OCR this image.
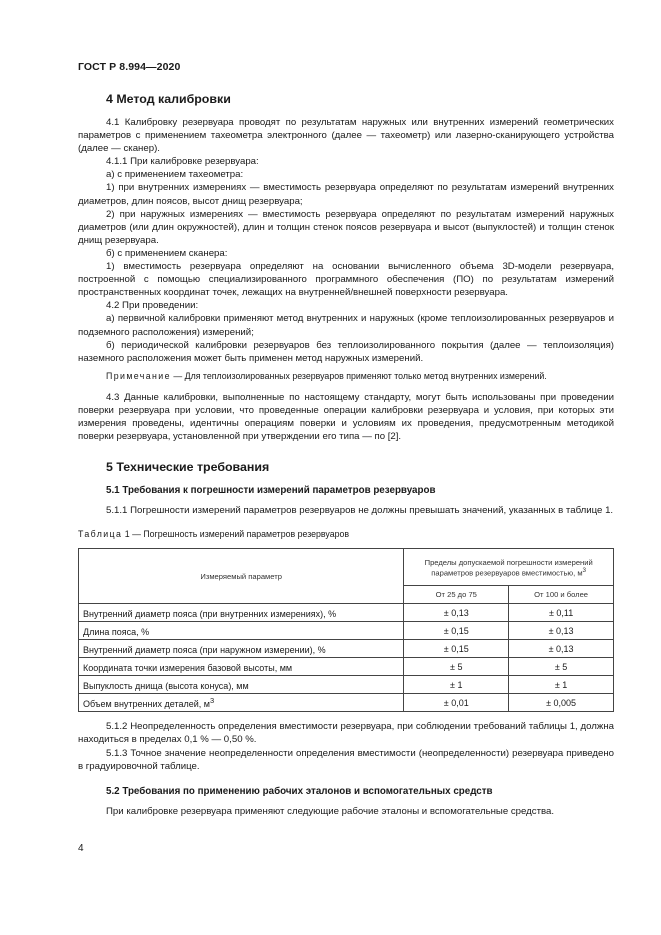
ГОСТ Р 8.994—2020
4 Метод калибровки

4.1 Калибровку резервуара проводят по результатам наружных или внутренних измерений геометрических параметров с применением тахеометра электронного (далее — тахеометр) или лазерно-сканирующего устройства (далее — сканер).

4.1.1 При калибровке резервуара:

а) с применением тахеометра:

1) при внутренних измерениях — вместимость резервуара определяют по результатам измерений внутренних диаметров, длин поясов, высот днищ резервуара;

2) при наружных измерениях — вместимость резервуара определяют по результатам измерений наружных диаметров (или длин окружностей), длин и толщин стенок поясов резервуара и высот (выпуклостей) и толщин стенок днищ резервуара.

б) с применением сканера:

1) вместимость резервуара определяют на основании вычисленного объема 3D-модели резервуара, построенной с помощью специализированного программного обеспечения (ПО) по результатам измерений пространственных координат точек, лежащих на внутренней/внешней поверхности резервуара.

4.2 При проведении:

а) первичной калибровки применяют метод внутренних и наружных (кроме теплоизолированных резервуаров и подземного расположения) измерений;

б) периодической калибровки резервуаров без теплоизолированного покрытия (далее — теплоизоляция) наземного расположения может быть применен метод наружных измерений.

Примечание — Для теплоизолированных резервуаров применяют только метод внутренних измерений.

4.3 Данные калибровки, выполненные по настоящему стандарту, могут быть использованы при проведении поверки резервуара при условии, что проведенные операции калибровки резервуара и условия, при которых эти измерения проведены, идентичны операциям поверки и условиям их проведения, предусмотренным методикой поверки резервуара, установленной при утверждении его типа — по [2].

5 Технические требования
5.1 Требования к погрешности измерений параметров резервуаров

5.1.1 Погрешности измерений параметров резервуаров не должны превышать значений, указанных в таблице 1.

Таблица 1 — Погрешность измерений параметров резервуаров
Измеряемый параметр	Пределы допускаемой погрешности измерений параметров резервуаров вместимостью, $м^3$
	От 25 до 75	От 100 и более
Внутренний диаметр пояса (при внутренних измерениях), %	± 0,13	± 0,11
Длина пояса, %	± 0,15	± 0,13
Внутренний диаметр пояса (при наружном измерении), %	± 0,15	± 0,13
Координата точки измерения базовой высоты, мм	± 5	± 5
Выпуклость днища (высота конуса), мм	± 1	± 1
Объем внутренних деталей, $м^3$	± 0,01	± 0,005

5.1.2 Неопределенность определения вместимости резервуара, при соблюдении требований таблицы 1, должна находиться в пределах 0,1 % — 0,50 %.

5.1.3 Точное значение неопределенности определения вместимости (неопределенности) резервуара приведено в градуировочной таблице.

5.2 Требования по применению рабочих эталонов и вспомогательных средств

При калибровке резервуара применяют следующие рабочие эталоны и вспомогательные средства.

4
